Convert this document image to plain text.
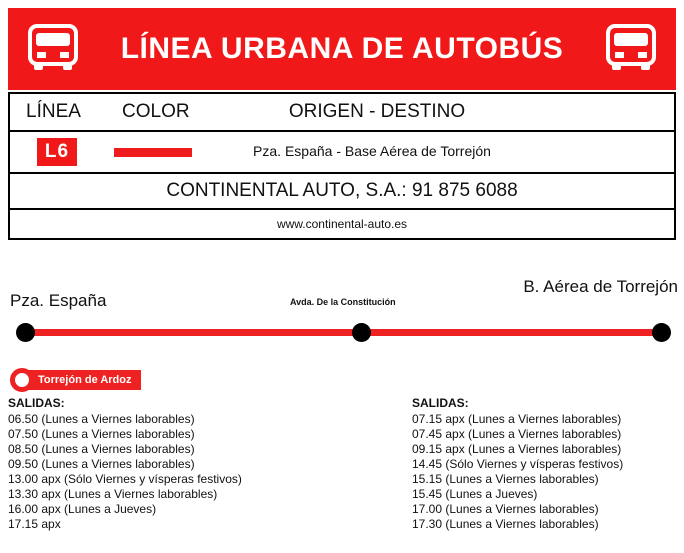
LÍNEA URBANA DE AUTOBÚS
LÍNEA COLOR	ORIGEN - DESTINO
L6	Pza. España - Base Aérea de Torrejón
CONTINENTAL AUTO, S.A.: 91 875 6088
www.continental-auto.es
Pza. España	Avda. De la Constitución
B. Aérea de Torrejón
Torrejón de Ardoz
SALIDAS:
06.50 (Lunes a Viernes laborables)
07.50 (Lunes a Viernes laborables)
08.50 (Lunes a Viernes laborables)
09.50 (Lunes a Viernes laborables)
13.00 apx (Sólo Viernes y vísperas festivos)
13.30 apx (Lunes a Viernes laborables)
16.00 apx (Lunes a Jueves)
17.15 apx
SALIDAS:
07.15 apx (Lunes a Viernes laborables)
07.45 apx (Lunes a Viernes laborables)
09.15 apx (Lunes a Viernes laborables)
14.45 (Sólo Viernes y vísperas festivos)
15.15 (Lunes a Viernes laborables)
15.45 (Lunes a Jueves)
17.00 (Lunes a Viernes laborables)
17.30 (Lunes a Viernes laborables)
